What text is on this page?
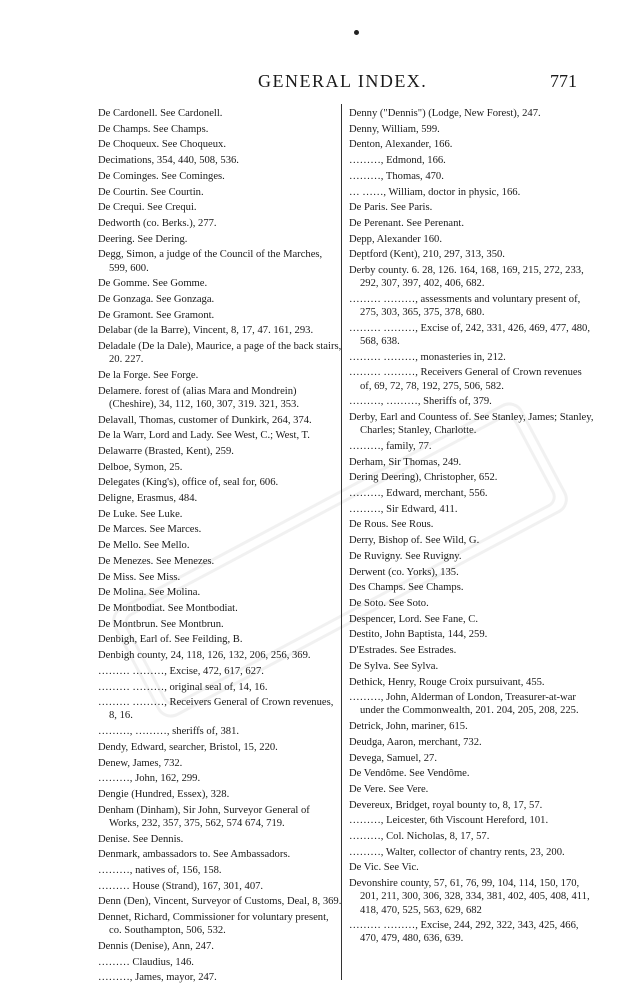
GENERAL INDEX.	771
De Cardonell. See Cardonell.
De Champs. See Champs.
De Choqueux. See Choqueux.
Decimations, 354, 440, 508, 536.
De Cominges. See Cominges.
De Courtin. See Courtin.
De Crequi. See Crequi.
Dedworth (co. Berks.), 277.
Deering. See Dering.
Degg, Simon, a judge of the Council of the Marches, 599, 600.
De Gomme. See Gomme.
De Gonzaga. See Gonzaga.
De Gramont. See Gramont.
Delabar (de la Barre), Vincent, 8, 17, 47. 161, 293.
Deladale (De la Dale), Maurice, a page of the back stairs, 20. 227.
De la Forge. See Forge.
Delamere. forest of (alias Mara and Mondrein) (Cheshire), 34, 112, 160, 307, 319. 321, 353.
Delavall, Thomas, customer of Dunkirk, 264, 374.
De la Warr, Lord and Lady. See West, C.; West, T.
Delawarre (Brasted, Kent), 259.
Delboe, Symon, 25.
Delegates (King's), office of, seal for, 606.
Deligne, Erasmus, 484.
De Luke. See Luke.
De Marces. See Marces.
De Mello. See Mello.
De Menezes. See Menezes.
De Miss. See Miss.
De Molina. See Molina.
De Montbodiat. See Montbodiat.
De Montbrun. See Montbrun.
Denbigh, Earl of. See Feilding, B.
Denbigh county, 24, 118, 126, 132, 206, 256, 369.
……… ………, Excise, 472, 617, 627.
……… ………, original seal of, 14, 16.
……… ………, Receivers General of Crown revenues, 8, 16.
………, ………, sheriffs of, 381.
Dendy, Edward, searcher, Bristol, 15, 220.
Denew, James, 732.
………, John, 162, 299.
Dengie (Hundred, Essex), 328.
Denham (Dinham), Sir John, Surveyor General of Works, 232, 357, 375, 562, 574 674, 719.
Denise. See Dennis.
Denmark, ambassadors to. See Ambassadors.
………, natives of, 156, 158.
……… House (Strand), 167, 301, 407.
Denn (Den), Vincent, Surveyor of Customs, Deal, 8, 369.
Dennet, Richard, Commissioner for voluntary present, co. Southampton, 506, 532.
Dennis (Denise), Ann, 247.
……… Claudius, 146.
………, James, mayor, 247.
Denny ("Dennis") (Lodge, New Forest), 247.
Denny, William, 599.
Denton, Alexander, 166.
………, Edmond, 166.
………, Thomas, 470.
… ……, William, doctor in physic, 166.
De Paris. See Paris.
De Perenant. See Perenant.
Depp, Alexander 160.
Deptford (Kent), 210, 297, 313, 350.
Derby county. 6. 28, 126. 164, 168, 169, 215, 272, 233, 292, 307, 397, 402, 406, 682.
……… ………, assessments and voluntary present of, 275, 303, 365, 375, 378, 680.
……… ………, Excise of, 242, 331, 426, 469, 477, 480, 568, 638.
……… ………, monasteries in, 212.
……… ………, Receivers General of Crown revenues of, 69, 72, 78, 192, 275, 506, 582.
………, ………, Sheriffs of, 379.
Derby, Earl and Countess of. See Stanley, James; Stanley, Charles; Stanley, Charlotte.
………, family, 77.
Derham, Sir Thomas, 249.
Dering Deering), Christopher, 652.
………, Edward, merchant, 556.
………, Sir Edward, 411.
De Rous. See Rous.
Derry, Bishop of. See Wild, G.
De Ruvigny. See Ruvigny.
Derwent (co. Yorks), 135.
Des Champs. See Champs.
De Soto. See Soto.
Despencer, Lord. See Fane, C.
Destito, John Baptista, 144, 259.
D'Estrades. See Estrades.
De Sylva. See Sylva.
Dethick, Henry, Rouge Croix pursuivant, 455.
………, John, Alderman of London, Treasurer-at-war under the Commonwealth, 201. 204, 205, 208, 225.
Detrick, John, mariner, 615.
Deudga, Aaron, merchant, 732.
Devega, Samuel, 27.
De Vendôme. See Vendôme.
De Vere. See Vere.
Devereux, Bridget, royal bounty to, 8, 17, 57.
………, Leicester, 6th Viscount Hereford, 101.
………, Col. Nicholas, 8, 17, 57.
………, Walter, collector of chantry rents, 23, 200.
De Vic. See Vic.
Devonshire county, 57, 61, 76, 99, 104, 114, 150, 170, 201, 211, 300, 306, 328, 334, 381, 402, 405, 408, 411, 418, 470, 525, 563, 629, 682
……… ………, Excise, 244, 292, 322, 343, 425, 466, 470, 479, 480, 636, 639.
